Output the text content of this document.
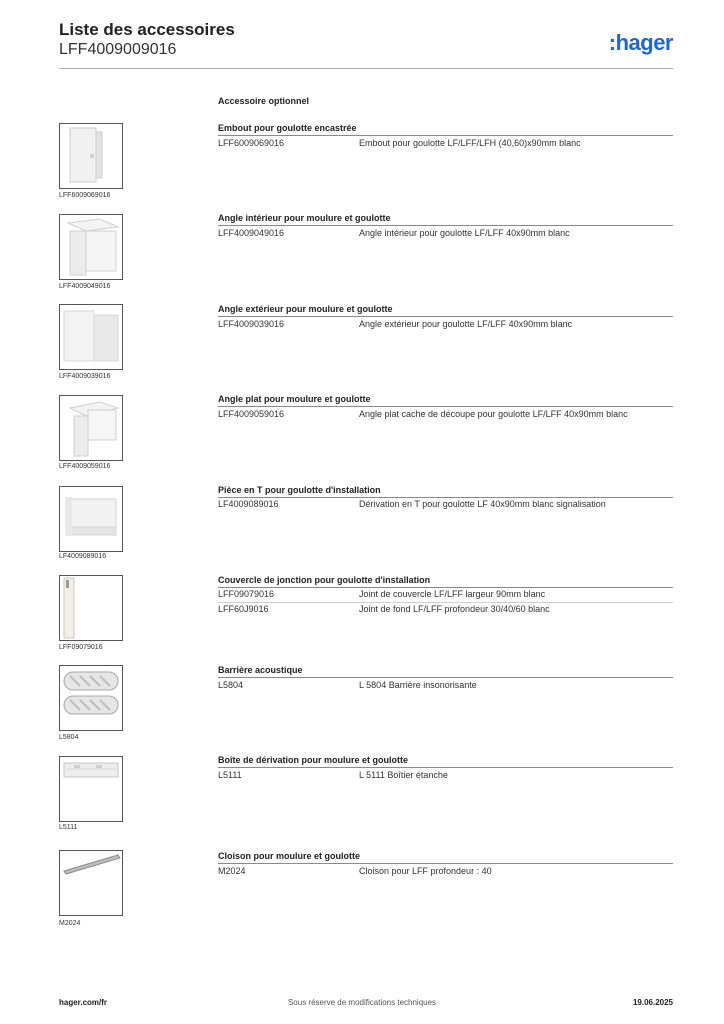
Liste des accessoires
LFF4009009016	:hager
Accessoire optionnel
LFF6009069016
Embout pour goulotte encastrée
LFF6009069016	Embout pour goulotte LF/LFF/LFH (40,60)x90mm blanc
LFF4009049016
Angle intérieur pour moulure et goulotte
LFF4009049016	Angle intérieur pour goulotte LF/LFF 40x90mm blanc
LFF4009039016
Angle extérieur pour moulure et goulotte
LFF4009039016	Angle extérieur pour goulotte LF/LFF 40x90mm blanc
LFF4009059016
Angle plat pour moulure et goulotte
LFF4009059016	Angle plat cache de découpe pour goulotte LF/LFF 40x90mm blanc
LF4009089016
Pièce en T pour goulotte d'installation
LF4009089016	Dérivation en T pour goulotte LF 40x90mm blanc signalisation
LFF09079016
Couvercle de jonction pour goulotte d'installation
LFF09079016	Joint de couvercle LF/LFF largeur 90mm blanc
LFF60J9016	Joint de fond LF/LFF profondeur 30/40/60 blanc
L5804
Barrière acoustique
L5804	L 5804 Barrière insonorisante
L5111
Boîte de dérivation pour moulure et goulotte
L5111	L 5111 Boîtier étanche
M2024
Cloison pour moulure et goulotte
M2024	Cloison pour LFF profondeur : 40
hager.com/fr	Sous réserve de modifications techniques	19.06.2025
